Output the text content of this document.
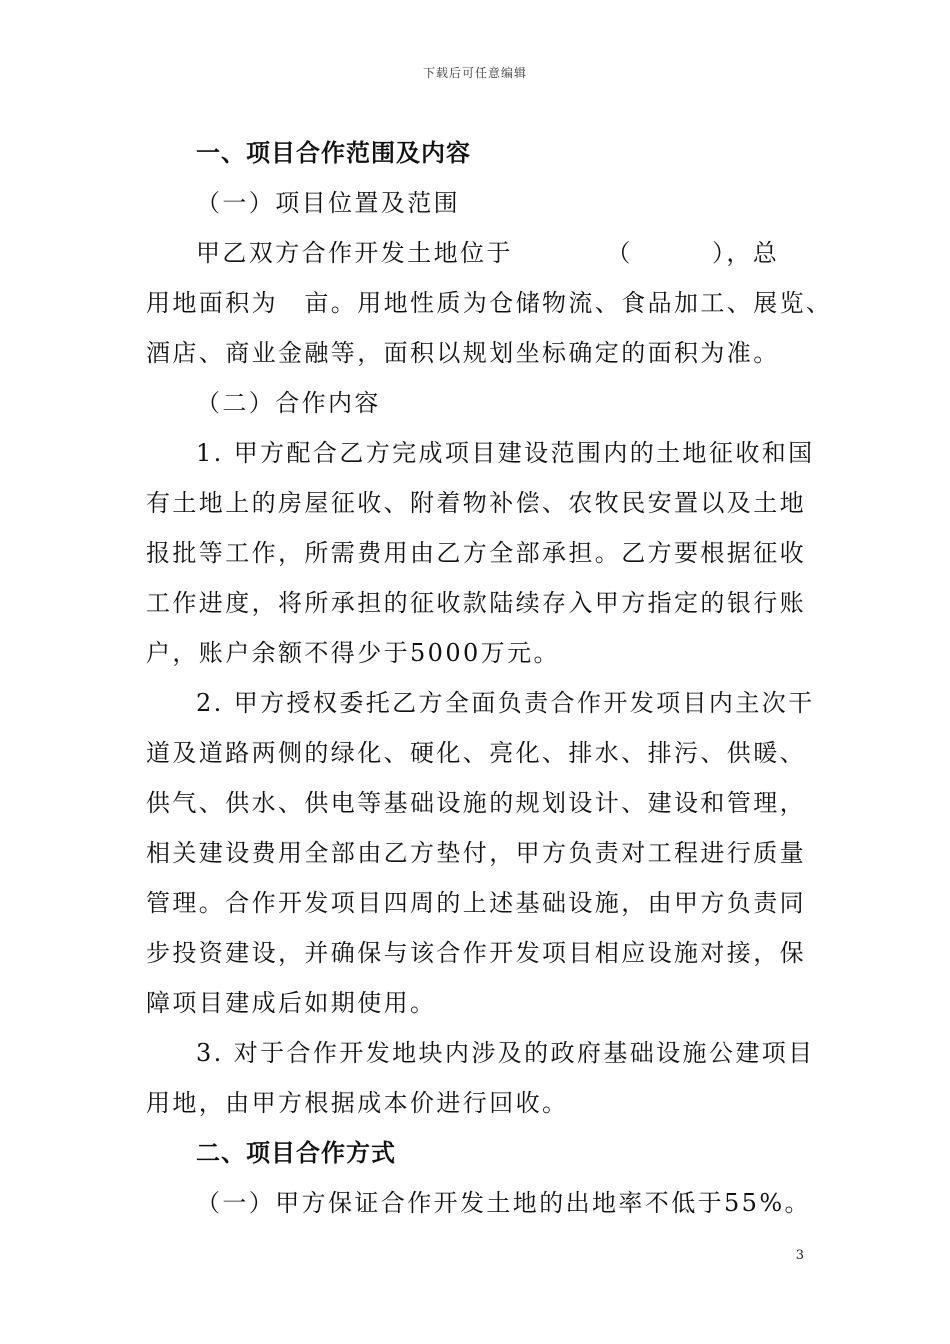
下载后可任意编辑
一、项目合作范围及内容
（一）项目位置及范围
甲乙双方合作开发土地位于　　　　（　　　），总
用地面积为　亩。用地性质为仓储物流、食品加工、展览、
酒店、商业金融等，面积以规划坐标确定的面积为准。
（二）合作内容
1. 甲方配合乙方完成项目建设范围内的土地征收和国
有土地上的房屋征收、附着物补偿、农牧民安置以及土地
报批等工作，所需费用由乙方全部承担。乙方要根据征收
工作进度，将所承担的征收款陆续存入甲方指定的银行账
户，账户余额不得少于5000万元。
2. 甲方授权委托乙方全面负责合作开发项目内主次干
道及道路两侧的绿化、硬化、亮化、排水、排污、供暖、
供气、供水、供电等基础设施的规划设计、建设和管理，
相关建设费用全部由乙方垫付，甲方负责对工程进行质量
管理。合作开发项目四周的上述基础设施，由甲方负责同
步投资建设，并确保与该合作开发项目相应设施对接，保
障项目建成后如期使用。
3. 对于合作开发地块内涉及的政府基础设施公建项目
用地，由甲方根据成本价进行回收。
二、项目合作方式
（一）甲方保证合作开发土地的出地率不低于55%。
3
